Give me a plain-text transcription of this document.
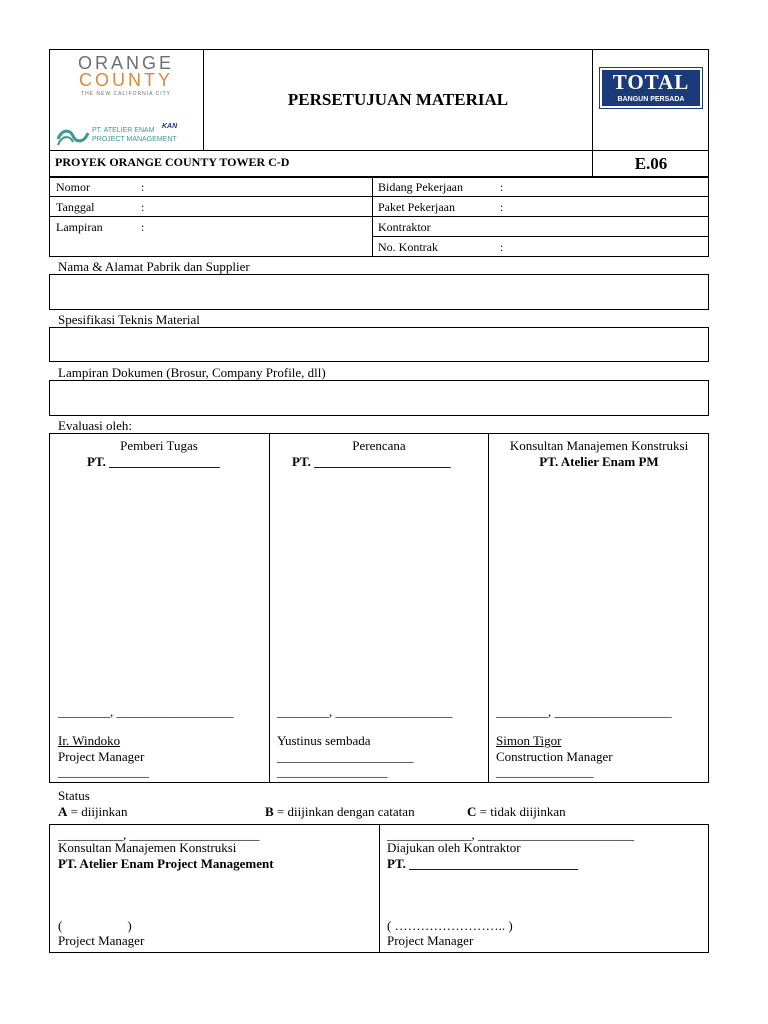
ORANGE
COUNTY
THE NEW CALIFORNIA CITY
KAN
PT. ATELIER ENAM
PROJECT MANAGEMENT
PERSETUJUAN MATERIAL
TOTAL
BANGUN PERSADA
PROYEK ORANGE COUNTY TOWER C-D	E.06
Nomor	:
Tanggal	:
Lampiran	:
Bidang Pekerjaan	:
Paket Pekerjaan	:
Kontraktor
No. Kontrak	:
Nama & Alamat Pabrik dan Supplier
Spesifikasi Teknis Material
Lampiran Dokumen (Brosur, Company Profile, dll)
Evaluasi oleh:
Pemberi Tugas
PT. _________________
________, __________________
Ir. Windoko
Project Manager
______________
Perencana
PT. _____________________
________, __________________
Yustinus sembada
_____________________
_________________
Konsultan Manajemen Konstruksi
PT. Atelier Enam PM
________, __________________
Simon Tigor
Construction Manager
_______________
Status
A = diijinkan	B = diijinkan dengan catatan	C = tidak diijinkan
__________, ____________________
Konsultan Manajemen Konstruksi
PT. Atelier Enam Project Management
(                    )
Project Manager
_____________, ________________________
Diajukan oleh Kontraktor
PT. __________________________
( …………………….. )
Project Manager
